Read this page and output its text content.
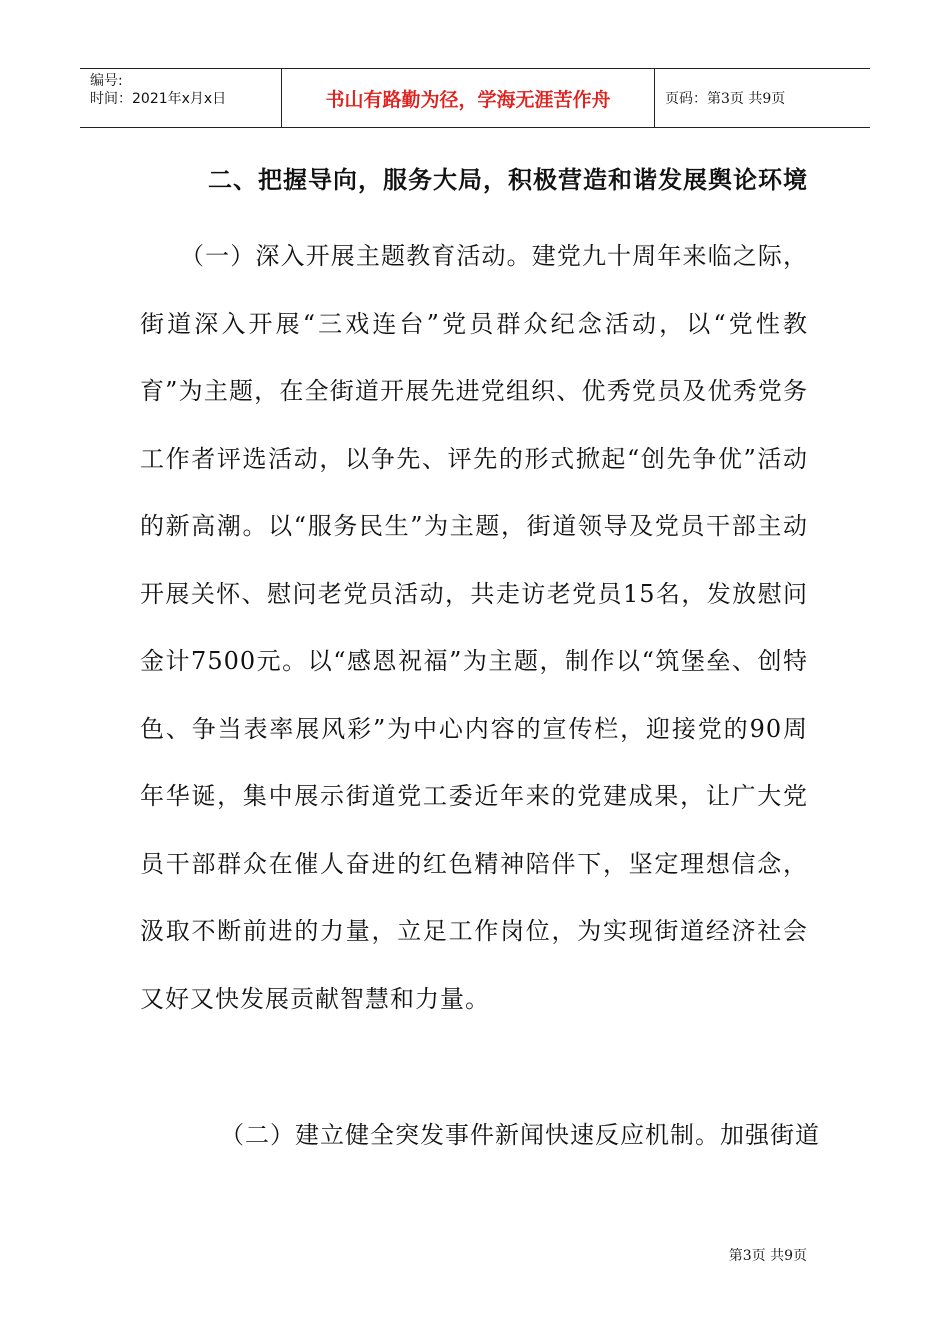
编号:
时间：2021年x月x日	书山有路勤为径，学海无涯苦作舟	页码：第3页 共9页
二、把握导向，服务大局，积极营造和谐发展舆论环境
（一）深入开展主题教育活动。建党九十周年来临之际，街道深入开展“三戏连台”党员群众纪念活动，以“党性教育”为主题，在全街道开展先进党组织、优秀党员及优秀党务工作者评选活动，以争先、评先的形式掀起“创先争优”活动的新高潮。以“服务民生”为主题，街道领导及党员干部主动开展关怀、慰问老党员活动，共走访老党员15名，发放慰问金计7500元。以“感恩祝福”为主题，制作以“筑堡垒、创特色、争当表率展风彩”为中心内容的宣传栏，迎接党的90周年华诞，集中展示街道党工委近年来的党建成果，让广大党员干部群众在催人奋进的红色精神陪伴下，坚定理想信念，汲取不断前进的力量，立足工作岗位，为实现街道经济社会又好又快发展贡献智慧和力量。
（二）建立健全突发事件新闻快速反应机制。加强街道
第3页 共9页
